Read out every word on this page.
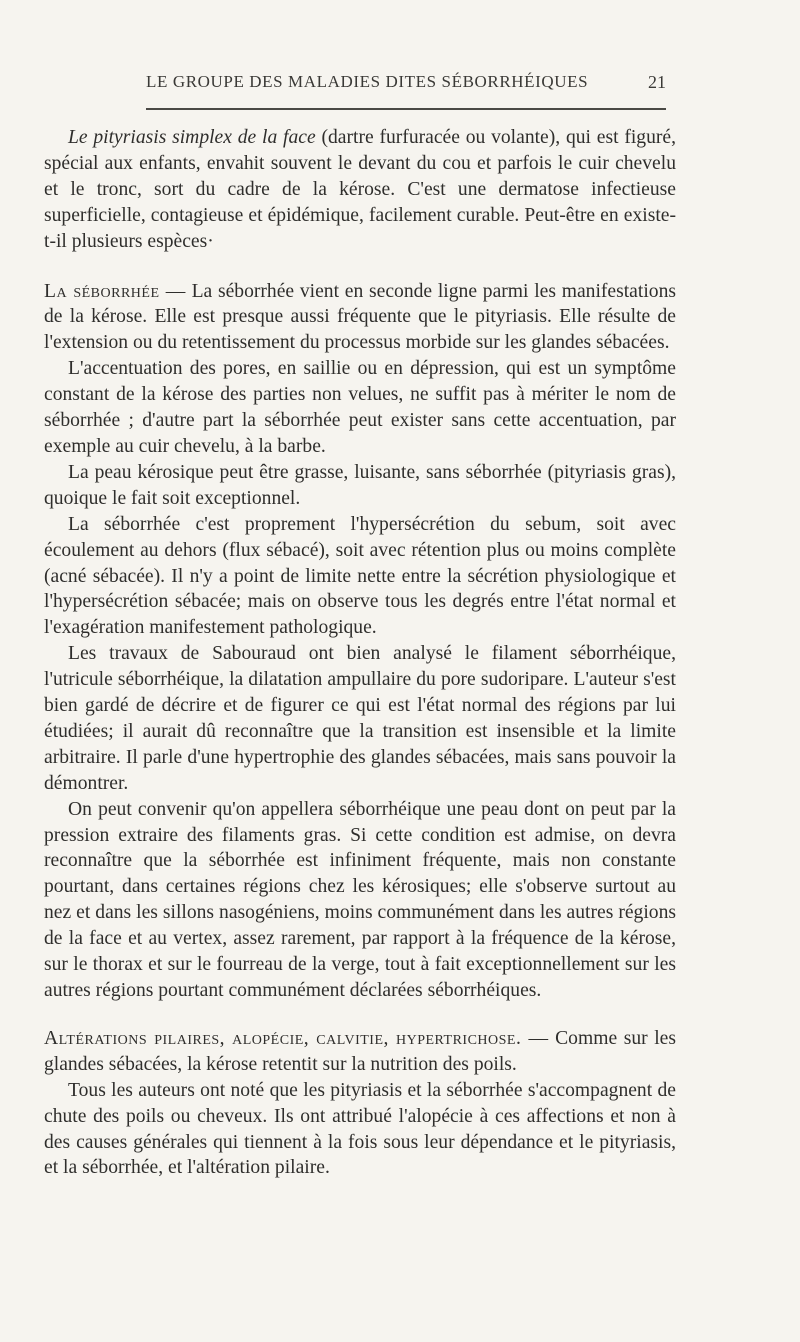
LE GROUPE DES MALADIES DITES SÉBORRHÉIQUES	21

Le pityriasis simplex de la face (dartre furfuracée ou volante), qui est figuré, spécial aux enfants, envahit souvent le devant du cou et parfois le cuir chevelu et le tronc, sort du cadre de la kérose. C'est une dermatose infectieuse superficielle, contagieuse et épidémique, facilement curable. Peut-être en existe-t-il plusieurs espèces·

La séborrhée — La séborrhée vient en seconde ligne parmi les manifestations de la kérose. Elle est presque aussi fréquente que le pityriasis. Elle résulte de l'extension ou du retentissement du processus morbide sur les glandes sébacées.

L'accentuation des pores, en saillie ou en dépression, qui est un symptôme constant de la kérose des parties non velues, ne suffit pas à mériter le nom de séborrhée ; d'autre part la séborrhée peut exister sans cette accentuation, par exemple au cuir chevelu, à la barbe.

La peau kérosique peut être grasse, luisante, sans séborrhée (pityriasis gras), quoique le fait soit exceptionnel.

La séborrhée c'est proprement l'hypersécrétion du sebum, soit avec écoulement au dehors (flux sébacé), soit avec rétention plus ou moins complète (acné sébacée). Il n'y a point de limite nette entre la sécrétion physiologique et l'hypersécrétion sébacée; mais on observe tous les degrés entre l'état normal et l'exagération manifestement pathologique.

Les travaux de Sabouraud ont bien analysé le filament séborrhéique, l'utricule séborrhéique, la dilatation ampullaire du pore sudoripare. L'auteur s'est bien gardé de décrire et de figurer ce qui est l'état normal des régions par lui étudiées; il aurait dû reconnaître que la transition est insensible et la limite arbitraire. Il parle d'une hypertrophie des glandes sébacées, mais sans pouvoir la démontrer.

On peut convenir qu'on appellera séborrhéique une peau dont on peut par la pression extraire des filaments gras. Si cette condition est admise, on devra reconnaître que la séborrhée est infiniment fréquente, mais non constante pourtant, dans certaines régions chez les kérosiques; elle s'observe surtout au nez et dans les sillons nasogéniens, moins communément dans les autres régions de la face et au vertex, assez rarement, par rapport à la fréquence de la kérose, sur le thorax et sur le fourreau de la verge, tout à fait exceptionnellement sur les autres régions pourtant communément déclarées séborrhéiques.

Altérations pilaires, alopécie, calvitie, hypertrichose. — Comme sur les glandes sébacées, la kérose retentit sur la nutrition des poils.

Tous les auteurs ont noté que les pityriasis et la séborrhée s'accompagnent de chute des poils ou cheveux. Ils ont attribué l'alopécie à ces affections et non à des causes générales qui tiennent à la fois sous leur dépendance et le pityriasis, et la séborrhée, et l'altération pilaire.
